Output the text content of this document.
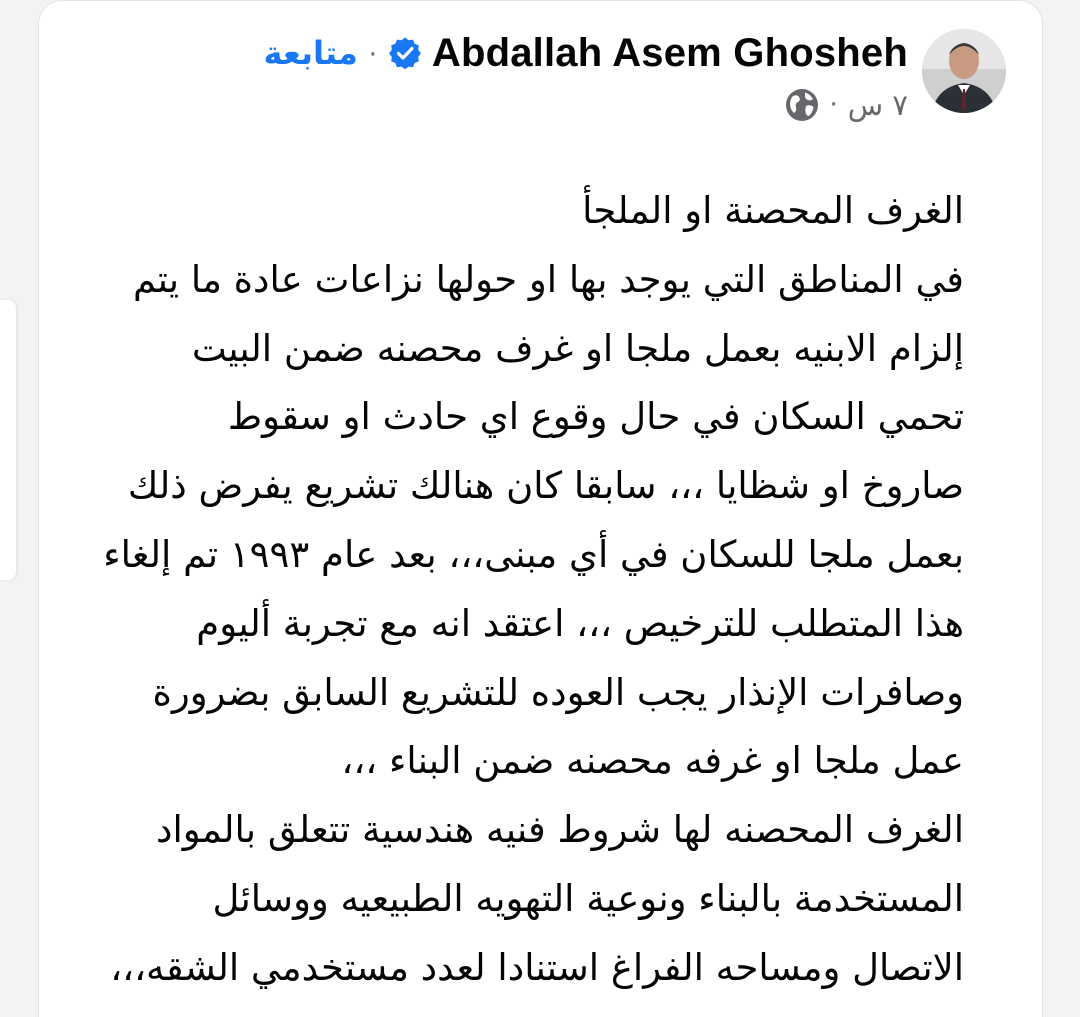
Abdallah Asem Ghosheh
·
متابعة
٧ س
·
الغرف المحصنة او الملجأ
في المناطق التي يوجد بها او حولها نزاعات عادة ما يتم
إلزام الابنيه بعمل ملجا او غرف محصنه ضمن البيت
تحمي السكان في حال وقوع اي حادث او سقوط
صاروخ او شظايا ،،، سابقا كان هنالك تشريع يفرض ذلك
بعمل ملجا للسكان في أي مبنى،،، بعد عام ١٩٩٣ تم إلغاء
هذا المتطلب للترخيص ،،، اعتقد انه مع تجربة أليوم
وصافرات الإنذار يجب العوده للتشريع السابق بضرورة
عمل ملجا او غرفه محصنه ضمن البناء ،،،
الغرف المحصنه لها شروط فنيه هندسية تتعلق بالمواد
المستخدمة بالبناء ونوعية التهويه الطبيعيه ووسائل
الاتصال ومساحه الفراغ استنادا لعدد مستخدمي الشقه،،،
